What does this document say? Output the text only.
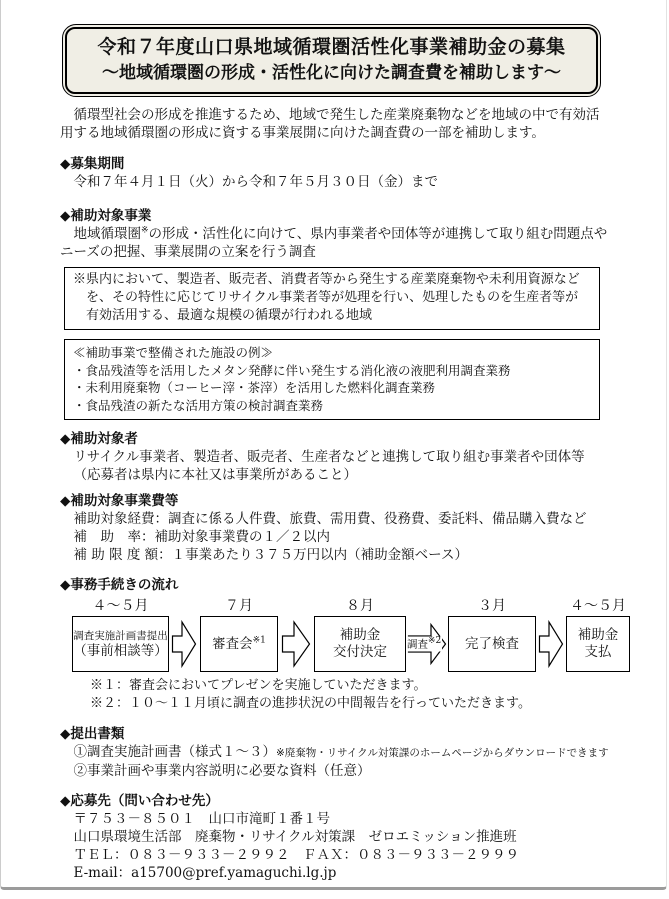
令和７年度山口県地域循環圏活性化事業補助金の募集
～地域循環圏の形成・活性化に向けた調査費を補助します～

循環型社会の形成を推進するため、地域で発生した産業廃棄物などを地域の中で有効活用する地域循環圏の形成に資する事業展開に向けた調査費の一部を補助します。

◆募集期間

令和７年４月１日（火）から令和７年５月３０日（金）まで

◆補助対象事業

地域循環圏※の形成・活性化に向けて、県内事業者や団体等が連携して取り組む問題点やニーズの把握、事業展開の立案を行う調査

※県内において、製造者、販売者、消費者等から発生する産業廃棄物や未利用資源などを、その特性に応じてリサイクル事業者等が処理を行い、処理したものを生産者等が有効活用する、最適な規模の循環が行われる地域
≪補助事業で整備された施設の例≫
・食品残渣等を活用したメタン発酵に伴い発生する消化液の液肥利用調査業務
・未利用廃棄物（コーヒー滓・茶滓）を活用した燃料化調査業務
・食品残渣の新たな活用方策の検討調査業務
◆補助対象者

リサイクル事業者、製造者、販売者、生産者などと連携して取り組む事業者や団体等

（応募者は県内に本社又は事業所があること）

◆補助対象事業費等

補助対象経費：調査に係る人件費、旅費、需用費、役務費、委託料、備品購入費など

補　助　率：補助対象事業費の１／２以内

補 助 限 度 額：１事業あたり３７５万円以内（補助金額ベース）

◆事務手続きの流れ
４～５月
調査実施計画書提出
（事前相談等）
７月
審査会$^{※1}$
８月
補助金
交付決定 調査$^{※2}$
３月
完了検査
４～５月
補助金
支払
※１：審査会においてプレゼンを実施していただきます。
※２：１０～１１月頃に調査の進捗状況の中間報告を行っていただきます。
◆提出書類

①調査実施計画書（様式１～３）※廃棄物・リサイクル対策課のホームページからダウンロードできます

②事業計画や事業内容説明に必要な資料（任意）

◆応募先（問い合わせ先）

〒７５３－８５０１　山口市滝町１番１号

山口県環境生活部　廃棄物・リサイクル対策課　ゼロエミッション推進班

ＴＥＬ：０８３－９３３－２９９２　ＦＡＸ：０８３－９３３－２９９９

E-mail：a15700@pref.yamaguchi.lg.jp
